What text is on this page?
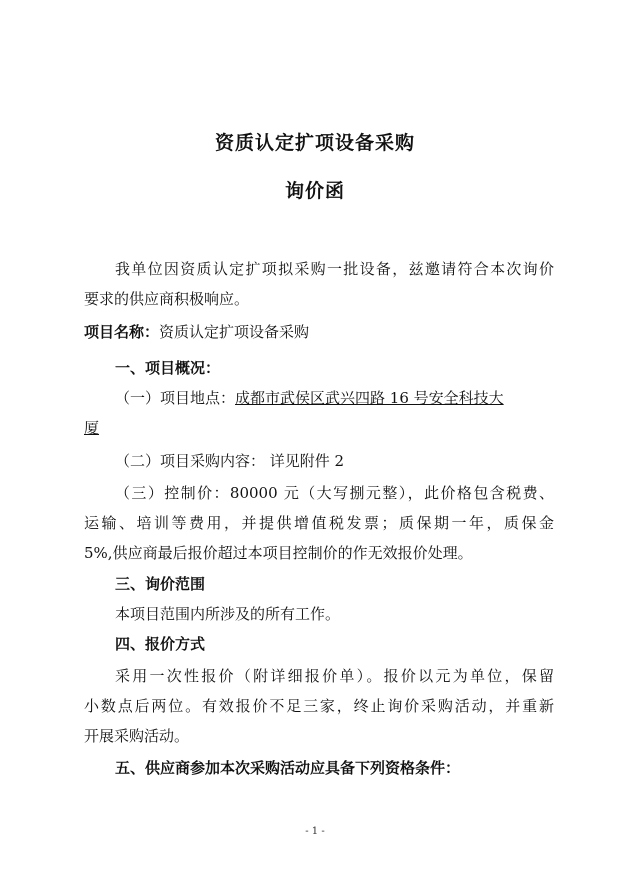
资质认定扩项设备采购
询价函
我单位因资质认定扩项拟采购一批设备，兹邀请符合本次询价
要求的供应商积极响应。
项目名称：资质认定扩项设备采购
一、项目概况：
（一）项目地点：成都市武侯区武兴四路 16 号安全科技大
厦
（二）项目采购内容： 详见附件 2
（三）控制价：80000 元（大写捌元整），此价格包含税费、
运输、培训等费用，并提供增值税发票；质保期一年，质保金
5%,供应商最后报价超过本项目控制价的作无效报价处理。
三、询价范围
本项目范围内所涉及的所有工作。
四、报价方式
采用一次性报价（附详细报价单）。报价以元为单位，保留
小数点后两位。有效报价不足三家，终止询价采购活动，并重新
开展采购活动。
五、供应商参加本次采购活动应具备下列资格条件：
- 1 -
